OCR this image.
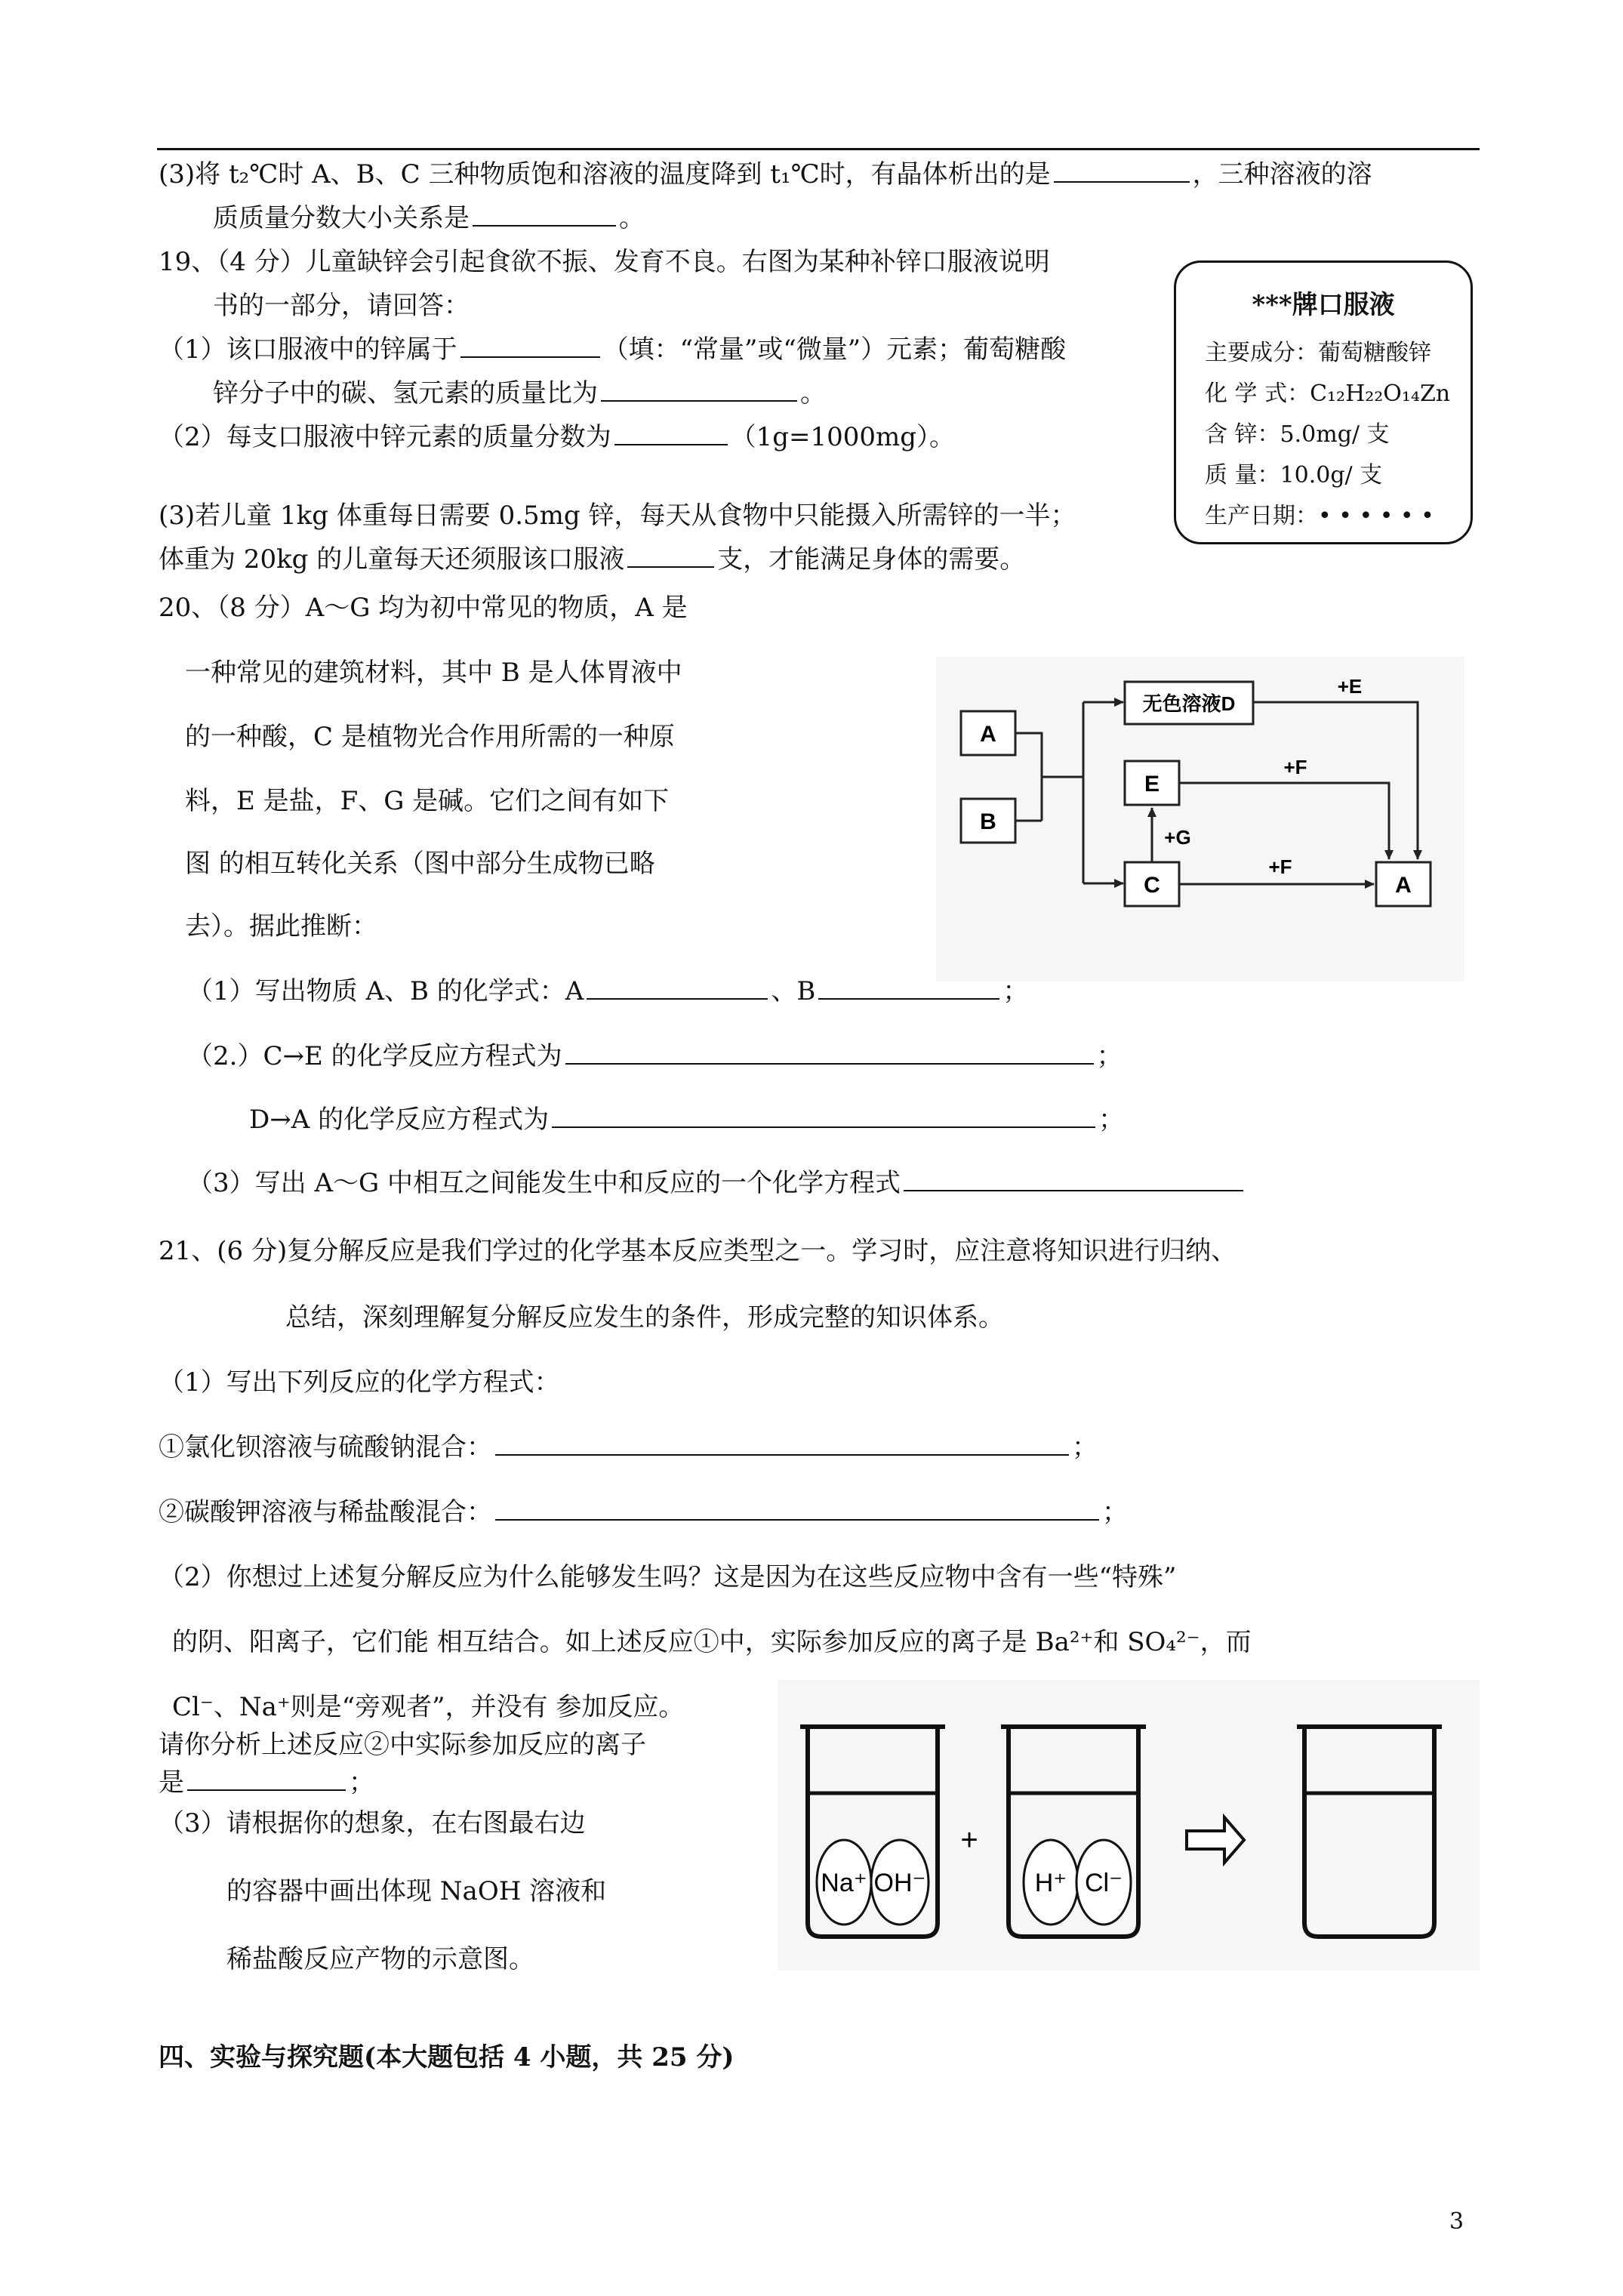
(3)将 t₂℃时 A、B、C 三种物质饱和溶液的温度降到 t₁℃时，有晶体析出的是	，三种溶液的溶
质质量分数大小关系是	。
19、（4 分）儿童缺锌会引起食欲不振、发育不良。右图为某种补锌口服液说明
书的一部分，请回答：
（1）该口服液中的锌属于	（填：“常量”或“微量”）元素；葡萄糖酸
锌分子中的碳、氢元素的质量比为	。
（2）每支口服液中锌元素的质量分数为	（1g=1000mg）。
(3)若儿童 1kg 体重每日需要 0.5mg 锌，每天从食物中只能摄入所需锌的一半；
体重为 20kg 的儿童每天还须服该口服液	支，才能满足身体的需要。
***牌口服液
主要成分：葡萄糖酸锌
化 学 式：C₁₂H₂₂O₁₄Zn
含 锌：5.0mg/ 支
质 量：10.0g/ 支
生产日期：• • • • • •
20、（8 分）A～G 均为初中常见的物质，A 是
一种常见的建筑材料，其中 B 是人体胃液中
的一种酸，C 是植物光合作用所需的一种原
料，E 是盐，F、G 是碱。它们之间有如下
图 的相互转化关系（图中部分生成物已略
去）。据此推断：
A
B
无色溶液D
E
C	A
+E
+F
+G
+F
（1）写出物质 A、B 的化学式：A	、B	；
（2.）C→E 的化学反应方程式为	；
D→A 的化学反应方程式为	；
（3）写出 A～G 中相互之间能发生中和反应的一个化学方程式
21、(6 分)复分解反应是我们学过的化学基本反应类型之一。学习时，应注意将知识进行归纳、
总结，深刻理解复分解反应发生的条件，形成完整的知识体系。
（1）写出下列反应的化学方程式：
①氯化钡溶液与硫酸钠混合：	；
②碳酸钾溶液与稀盐酸混合：	；
（2）你想过上述复分解反应为什么能够发生吗？这是因为在这些反应物中含有一些“特殊”
的阴、阳离子，它们能 相互结合。如上述反应①中，实际参加反应的离子是 Ba²⁺和 SO₄²⁻，而
Cl⁻、Na⁺则是“旁观者”，并没有 参加反应。
请你分析上述反应②中实际参加反应的离子
是	；
（3）请根据你的想象，在右图最右边
的容器中画出体现 NaOH 溶液和
稀盐酸反应产物的示意图。
Na⁺ OH⁻
+
H⁺ Cl⁻
四、实验与探究题(本大题包括 4 小题，共 25 分)
3
